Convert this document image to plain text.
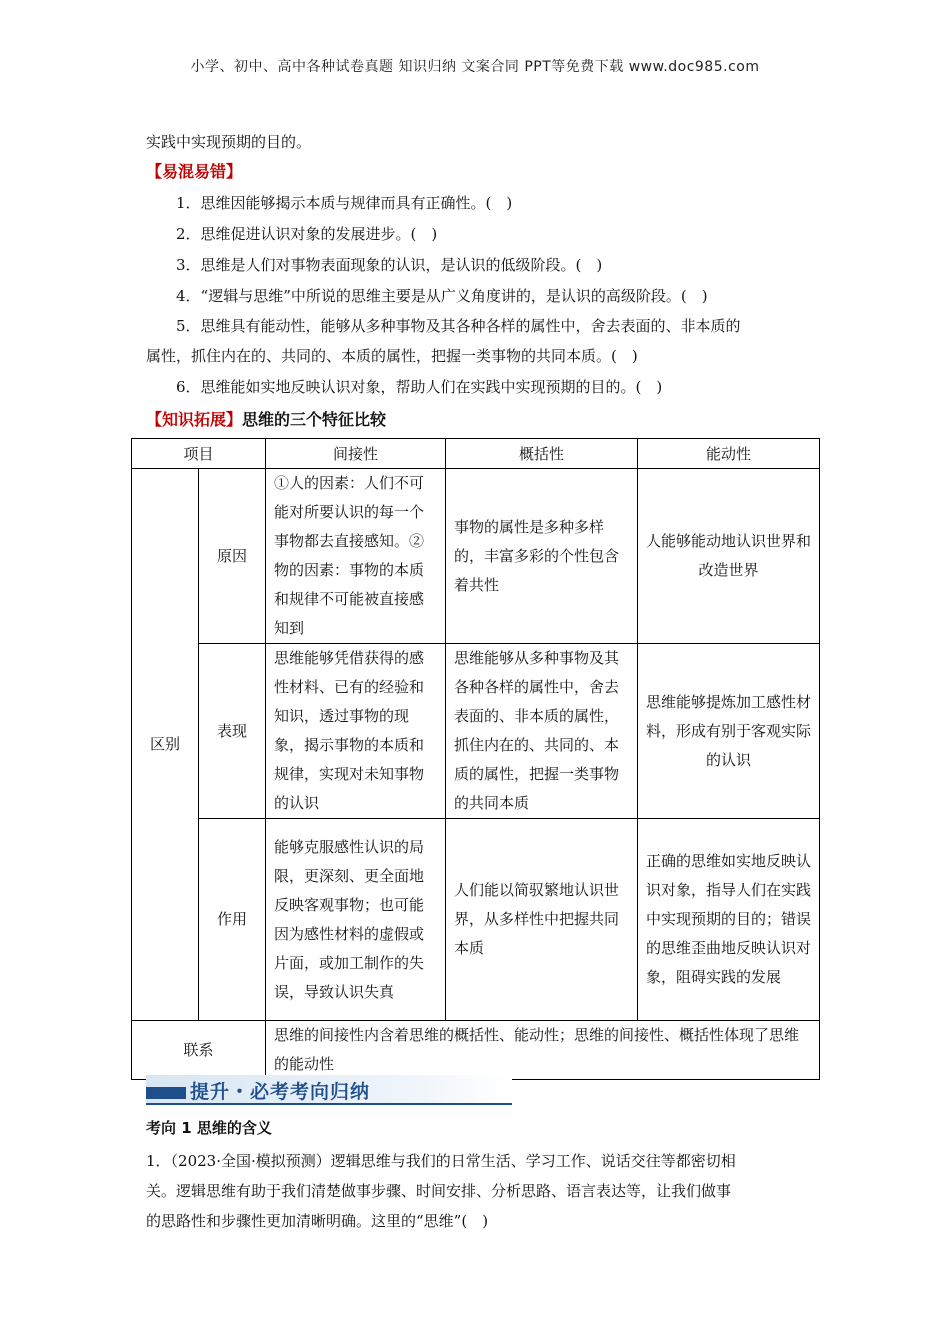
小学、初中、高中各种试卷真题 知识归纳 文案合同 PPT等免费下载 www.doc985.com
实践中实现预期的目的。
【易混易错】
1．思维因能够揭示本质与规律而具有正确性。(　)
2．思维促进认识对象的发展进步。(　)
3．思维是人们对事物表面现象的认识，是认识的低级阶段。(　)
4．“逻辑与思维”中所说的思维主要是从广义角度讲的，是认识的高级阶段。(　)
5．思维具有能动性，能够从多种事物及其各种各样的属性中，舍去表面的、非本质的
属性，抓住内在的、共同的、本质的属性，把握一类事物的共同本质。(　)
6．思维能如实地反映认识对象，帮助人们在实践中实现预期的目的。(　)
【知识拓展】思维的三个特征比较
项目		间接性	概括性	能动性
区别	原因	①人的因素：人们不可能对所要认识的每一个事物都去直接感知。②物的因素：事物的本质和规律不可能被直接感知到	事物的属性是多种多样的，丰富多彩的个性包含着共性	人能够能动地认识世界和改造世界
	表现	思维能够凭借获得的感性材料、已有的经验和知识，透过事物的现象，揭示事物的本质和规律，实现对未知事物的认识	思维能够从多种事物及其各种各样的属性中，舍去表面的、非本质的属性，抓住内在的、共同的、本质的属性，把握一类事物的共同本质	思维能够提炼加工感性材料，形成有别于客观实际的认识
	作用	能够克服感性认识的局限，更深刻、更全面地反映客观事物；也可能因为感性材料的虚假或片面，或加工制作的失误，导致认识失真	人们能以简驭繁地认识世界，从多样性中把握共同本质	正确的思维如实地反映认识对象，指导人们在实践中实现预期的目的；错误的思维歪曲地反映认识对象，阻碍实践的发展
联系		思维的间接性内含着思维的概括性、能动性；思维的间接性、概括性体现了思维的能动性		
提升・必考考向归纳
考向 1 思维的含义
1．（2023·全国·模拟预测）逻辑思维与我们的日常生活、学习工作、说话交往等都密切相
关。逻辑思维有助于我们清楚做事步骤、时间安排、分析思路、语言表达等，让我们做事
的思路性和步骤性更加清晰明确。这里的“思维”(　)
